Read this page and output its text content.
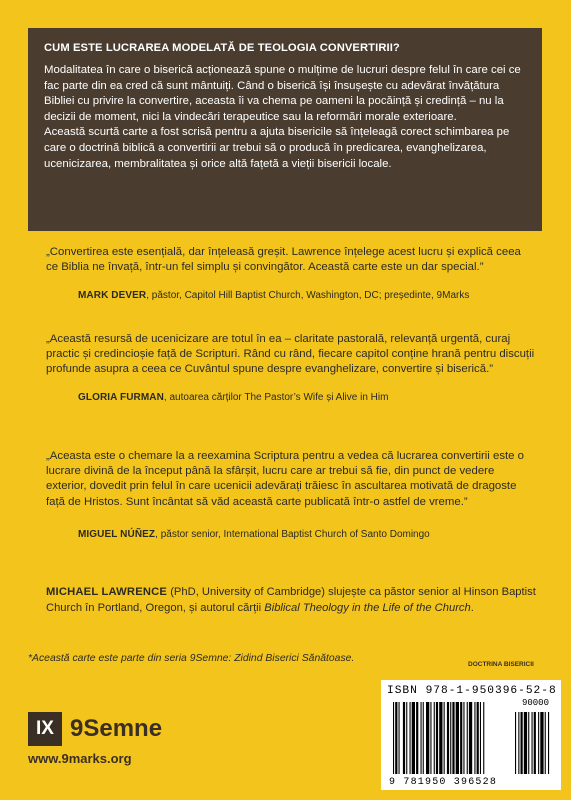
CUM ESTE LUCRAREA MODELATĂ DE TEOLOGIA CONVERTIRII?

Modalitatea în care o biserică acționează spune o mulțime de lucruri despre felul în care cei ce fac parte din ea cred că sunt mântuiți. Când o biserică își însușește cu adevărat învățătura Bibliei cu privire la convertire, aceasta îi va chema pe oameni la pocăință și credință – nu la decizii de moment, nici la vindecări terapeutice sau la reformări morale exterioare.

Această scurtă carte a fost scrisă pentru a ajuta bisericile să înțeleagă corect schimbarea pe care o doctrină biblică a convertirii ar trebui să o producă în predicarea, evanghelizarea, ucenicizarea, membralitatea și orice altă fațetă a vieții bisericii locale.

„Convertirea este esențială, dar înțeleasă greșit. Lawrence înțelege acest lucru și explică ceea ce Biblia ne învață, într-un fel simplu și convingător. Această carte este un dar special.”

MARK DEVER, păstor, Capitol Hill Baptist Church, Washington, DC; președinte, 9Marks

„Această resursă de ucenicizare are totul în ea – claritate pastorală, relevanță urgentă, curaj practic și credincioșie față de Scripturi. Rând cu rând, fiecare capitol conține hrană pentru discuții profunde asupra a ceea ce Cuvântul spune despre evanghelizare, convertire și biserică.”

GLORIA FURMAN, autoarea cărților The Pastor’s Wife și Alive in Him

„Aceasta este o chemare la a reexamina Scriptura pentru a vedea că lucrarea convertirii este o lucrare divină de la început până la sfârșit, lucru care ar trebui să fie, din punct de vedere exterior, dovedit prin felul în care ucenicii adevărați trăiesc în ascultarea motivată de dragoste față de Hristos. Sunt încântat să văd această carte publicată într-o astfel de vreme.”

MIGUEL NÚÑEZ, păstor senior, International Baptist Church of Santo Domingo

MICHAEL LAWRENCE (PhD, University of Cambridge) slujește ca păstor senior al Hinson Baptist Church în Portland, Oregon, și autorul cărții Biblical Theology in the Life of the Church.

*Această carte este parte din seria 9Semne: Zidind Biserici Sănătoase.

IX 9Semne
www.9marks.org
DOCTRINA BISERICII
ISBN 978-1-950396-52-8
90000
9 781950 396528
